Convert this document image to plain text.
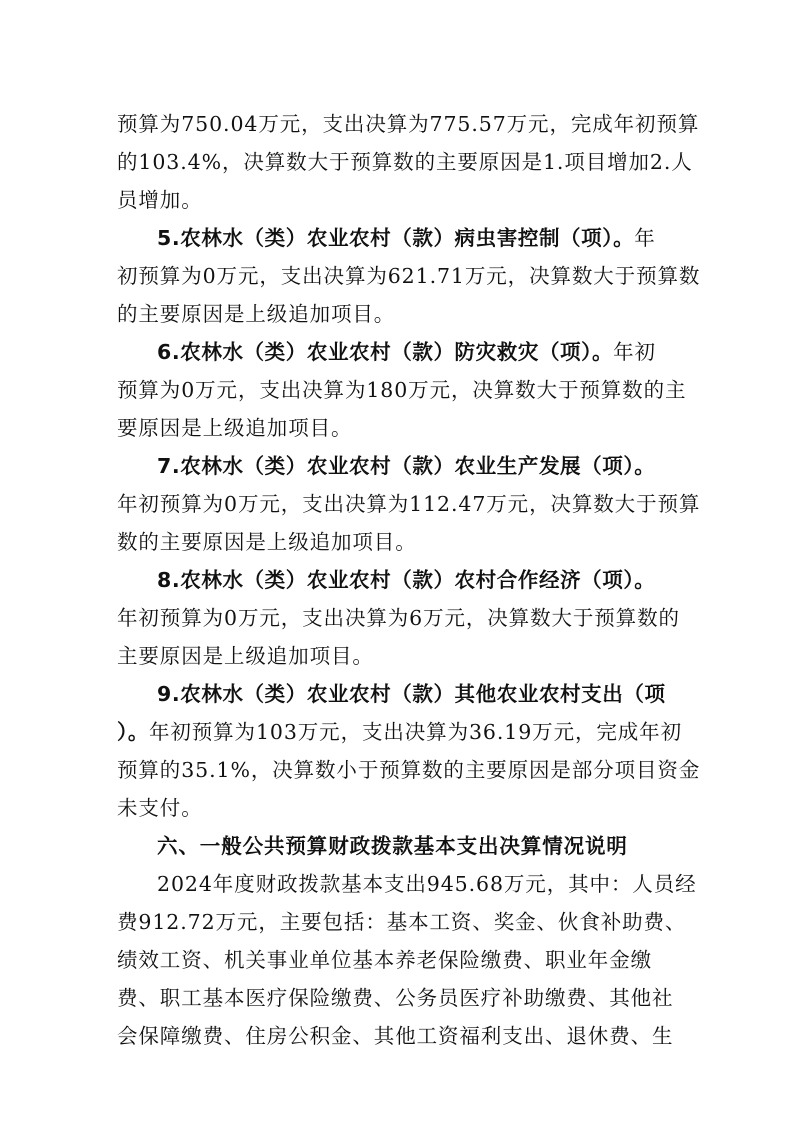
预算为750.04万元，支出决算为775.57万元，完成年初预算
的103.4%，决算数大于预算数的主要原因是1.项目增加2.人
员增加。
5.农林水（类）农业农村（款）病虫害控制（项）。年
初预算为0万元，支出决算为621.71万元，决算数大于预算数
的主要原因是上级追加项目。
6.农林水（类）农业农村（款）防灾救灾（项）。年初
预算为0万元，支出决算为180万元，决算数大于预算数的主
要原因是上级追加项目。
7.农林水（类）农业农村（款）农业生产发展（项）。
年初预算为0万元，支出决算为112.47万元，决算数大于预算
数的主要原因是上级追加项目。
8.农林水（类）农业农村（款）农村合作经济（项）。
年初预算为0万元，支出决算为6万元，决算数大于预算数的
主要原因是上级追加项目。
9.农林水（类）农业农村（款）其他农业农村支出（项
）。年初预算为103万元，支出决算为36.19万元，完成年初
预算的35.1%，决算数小于预算数的主要原因是部分项目资金
未支付。
六、一般公共预算财政拨款基本支出决算情况说明
2024年度财政拨款基本支出945.68万元，其中：人员经
费912.72万元，主要包括：基本工资、奖金、伙食补助费、
绩效工资、机关事业单位基本养老保险缴费、职业年金缴
费、职工基本医疗保险缴费、公务员医疗补助缴费、其他社
会保障缴费、住房公积金、其他工资福利支出、退休费、生
